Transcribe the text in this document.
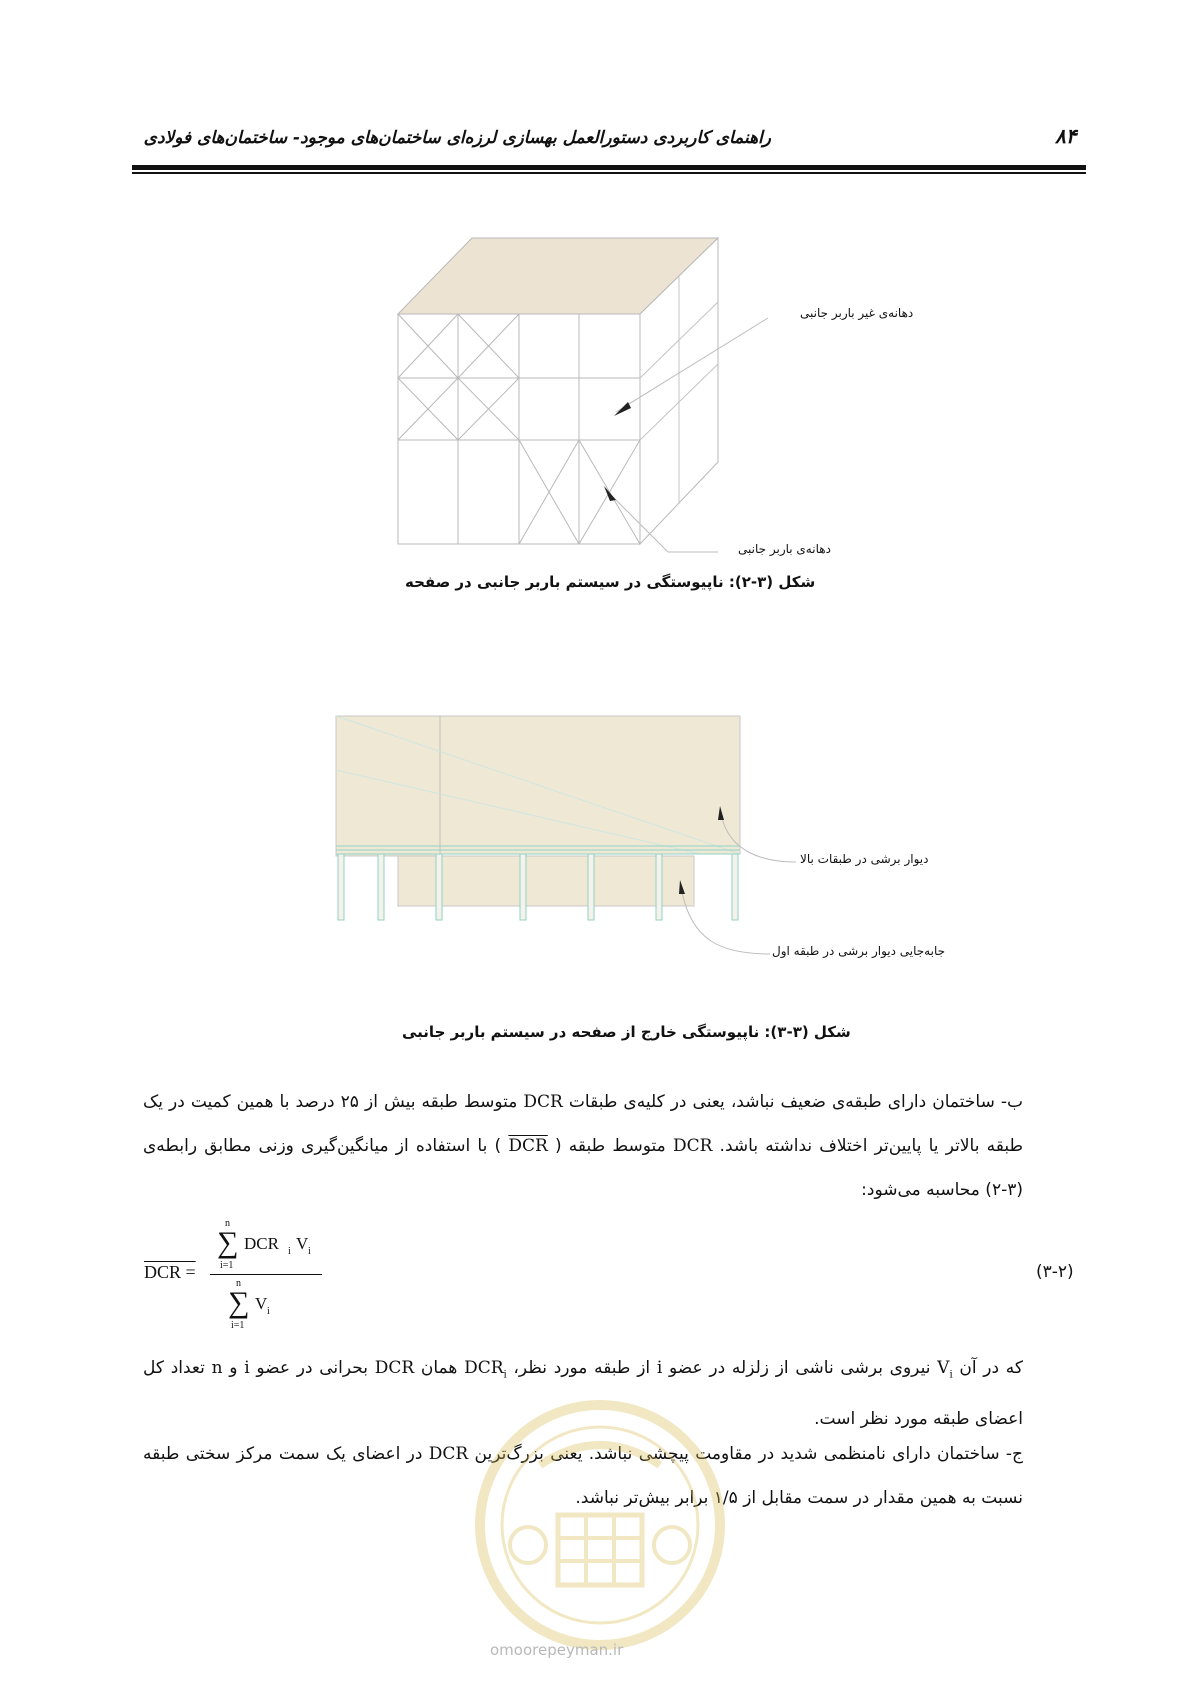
راهنمای کاربردی دستورالعمل بهسازی لرزه‌ای ساختمان‌های موجود- ساختمان‌های فولادی	۸۴
دهانه‌ی غیر باربر جانبی
دهانه‌ی باربر جانبی
شکل (۳-۲): ناپیوستگی در سیستم باربر جانبی در صفحه
دیوار برشی در طبقات بالا
جابه‌جایی دیوار برشی در طبقه اول
شکل (۳-۳): ناپیوستگی خارج از صفحه در سیستم باربر جانبی
ب- ساختمان دارای طبقه‌ی ضعیف نباشد، یعنی در کلیه‌ی طبقات DCR متوسط طبقه بیش از ۲۵ درصد با همین کمیت در یک طبقه بالاتر یا پایین‌تر اختلاف نداشته باشد. DCR متوسط طبقه ( $\overline{DCR}$ ) با استفاده از میانگین‌گیری وزنی مطابق رابطه‌ی (۳-۲) محاسبه می‌شود:
DCR =
n
∑
i=1
DCR i V i
n
∑
i=1
V i
(۳-۲)
که در آن $V_i$ نیروی برشی ناشی از زلزله در عضو i از طبقه مورد نظر، $DCR_i$ همان DCR بحرانی در عضو i و n تعداد کل اعضای طبقه مورد نظر است.
ج- ساختمان دارای نامنظمی شدید در مقاومت پیچشی نباشد. یعنی بزرگ‌ترین DCR در اعضای یک سمت مرکز سختی طبقه نسبت به همین مقدار در سمت مقابل از ۱/۵ برابر بیش‌تر نباشد.
omoorepeyman.ir
